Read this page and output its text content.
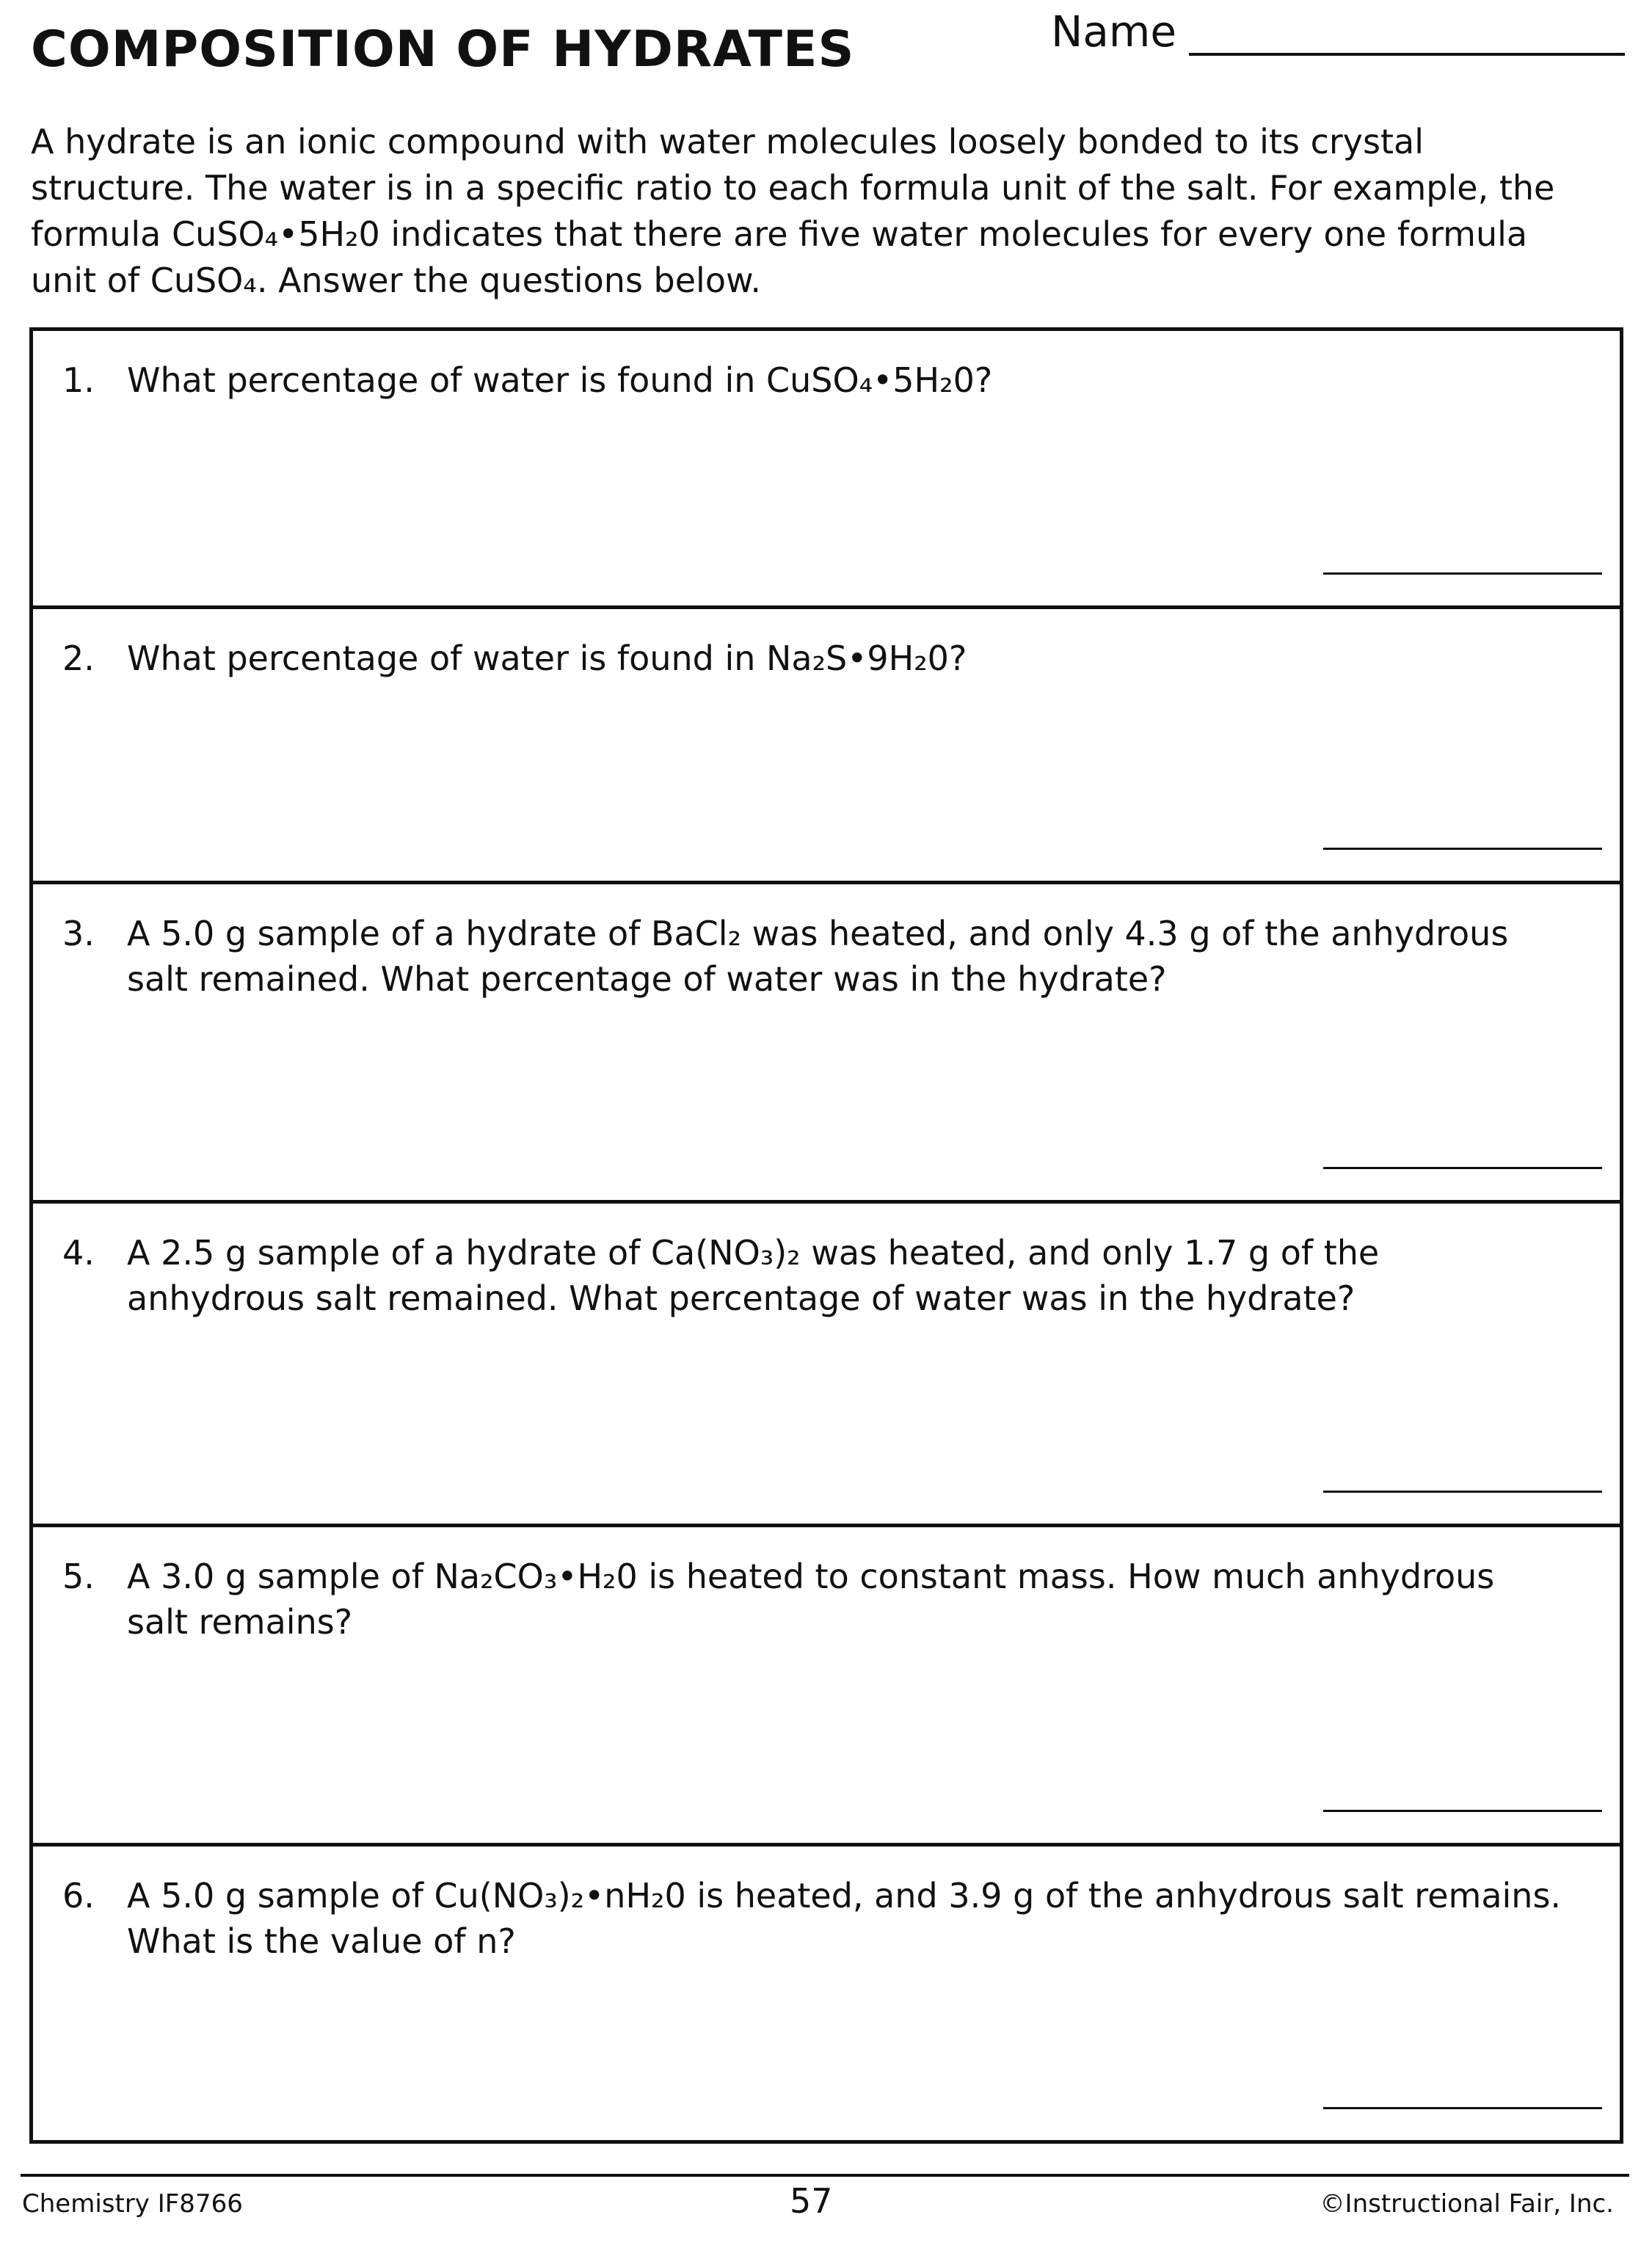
COMPOSITION OF HYDRATES	Name
A hydrate is an ionic compound with water molecules loosely bonded to its crystal
structure. The water is in a specific ratio to each formula unit of the salt. For example, the
formula CuSO₄•5H₂0 indicates that there are five water molecules for every one formula
unit of CuSO₄. Answer the questions below.
1. What percentage of water is found in CuSO₄•5H₂0?
2. What percentage of water is found in Na₂S•9H₂0?
3. A 5.0 g sample of a hydrate of BaCl₂ was heated, and only 4.3 g of the anhydrous
salt remained. What percentage of water was in the hydrate?
4. A 2.5 g sample of a hydrate of Ca(NO₃)₂ was heated, and only 1.7 g of the
anhydrous salt remained. What percentage of water was in the hydrate?
5. A 3.0 g sample of Na₂CO₃•H₂0 is heated to constant mass. How much anhydrous
salt remains?
6. A 5.0 g sample of Cu(NO₃)₂•nH₂0 is heated, and 3.9 g of the anhydrous salt remains.
What is the value of n?
Chemistry IF8766	57	©Instructional Fair, Inc.
